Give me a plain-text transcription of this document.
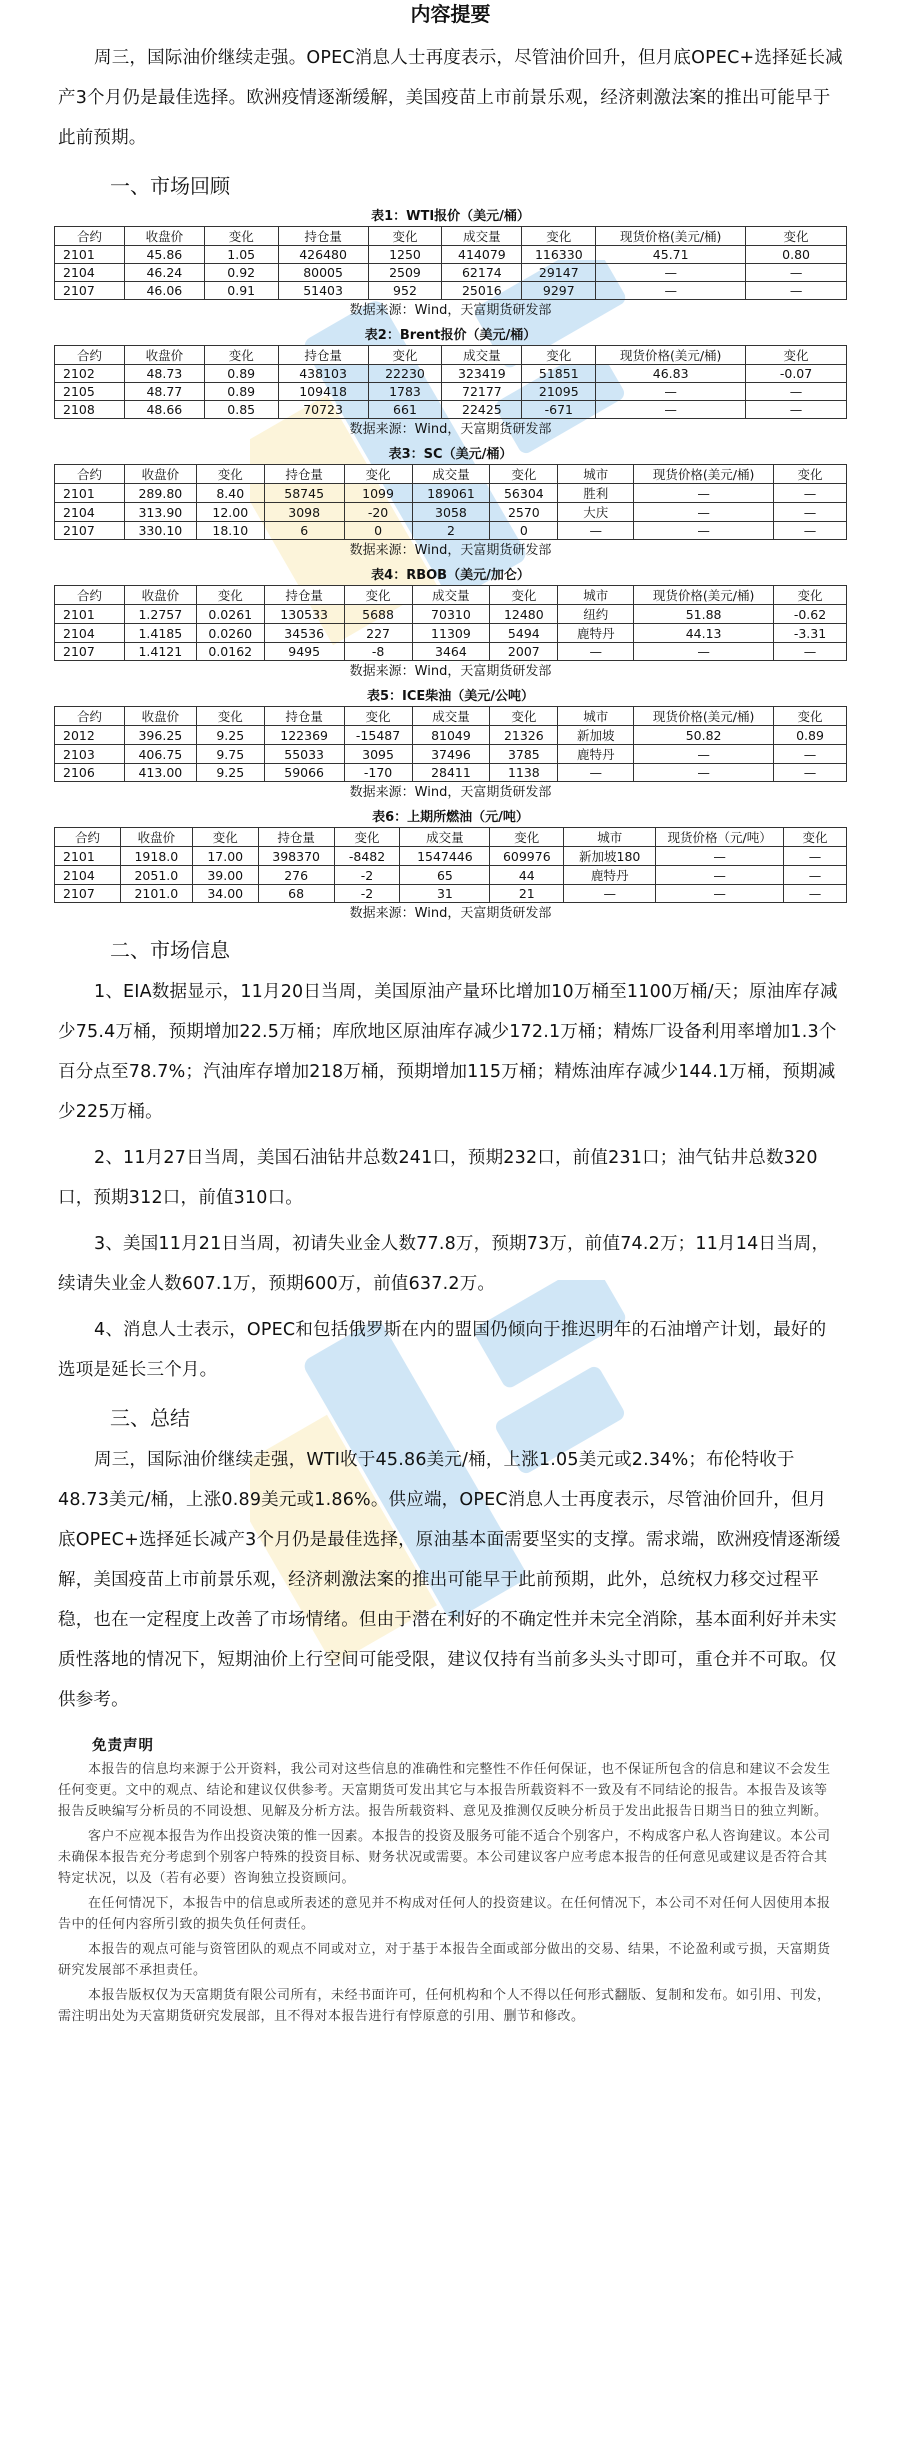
内容提要

周三，国际油价继续走强。OPEC消息人士再度表示，尽管油价回升，但月底OPEC+选择延长减产3个月仍是最佳选择。欧洲疫情逐渐缓解，美国疫苗上市前景乐观，经济刺激法案的推出可能早于此前预期。

一、市场回顾
表1：WTI报价（美元/桶）
合约	收盘价	变化	持仓量	变化	成交量	变化	现货价格(美元/桶)	变化
2101	45.86	1.05	426480	1250	414079	116330	45.71	0.80
2104	46.24	0.92	80005	2509	62174	29147	—	—
2107	46.06	0.91	51403	952	25016	9297	—	—
数据来源：Wind，天富期货研发部
表2：Brent报价（美元/桶）
合约	收盘价	变化	持仓量	变化	成交量	变化	现货价格(美元/桶)	变化
2102	48.73	0.89	438103	22230	323419	51851	46.83	-0.07
2105	48.77	0.89	109418	1783	72177	21095	—	—
2108	48.66	0.85	70723	661	22425	-671	—	—
数据来源：Wind，天富期货研发部
表3：SC（美元/桶）
合约	收盘价	变化	持仓量	变化	成交量	变化	城市	现货价格(美元/桶)	变化
2101	289.80	8.40	58745	1099	189061	56304	胜利	—	—
2104	313.90	12.00	3098	-20	3058	2570	大庆	—	—
2107	330.10	18.10	6	0	2	0	—	—	—
数据来源：Wind，天富期货研发部
表4：RBOB（美元/加仑）
合约	收盘价	变化	持仓量	变化	成交量	变化	城市	现货价格(美元/桶)	变化
2101	1.2757	0.0261	130533	5688	70310	12480	纽约	51.88	-0.62
2104	1.4185	0.0260	34536	227	11309	5494	鹿特丹	44.13	-3.31
2107	1.4121	0.0162	9495	-8	3464	2007	—	—	—
数据来源：Wind，天富期货研发部
表5：ICE柴油（美元/公吨）
合约	收盘价	变化	持仓量	变化	成交量	变化	城市	现货价格(美元/桶)	变化
2012	396.25	9.25	122369	-15487	81049	21326	新加坡	50.82	0.89
2103	406.75	9.75	55033	3095	37496	3785	鹿特丹	—	—
2106	413.00	9.25	59066	-170	28411	1138	—	—	—
数据来源：Wind，天富期货研发部
表6：上期所燃油（元/吨）
合约	收盘价	变化	持仓量	变化	成交量	变化	城市	现货价格（元/吨）	变化
2101	1918.0	17.00	398370	-8482	1547446	609976	新加坡180	—	—
2104	2051.0	39.00	276	-2	65	44	鹿特丹	—	—
2107	2101.0	34.00	68	-2	31	21	—	—	—
数据来源：Wind，天富期货研发部
二、市场信息

1、EIA数据显示，11月20日当周，美国原油产量环比增加10万桶至1100万桶/天；原油库存减少75.4万桶，预期增加22.5万桶；库欣地区原油库存减少172.1万桶；精炼厂设备利用率增加1.3个百分点至78.7%；汽油库存增加218万桶，预期增加115万桶；精炼油库存减少144.1万桶，预期减少225万桶。

2、11月27日当周，美国石油钻井总数241口，预期232口，前值231口；油气钻井总数320口，预期312口，前值310口。

3、美国11月21日当周，初请失业金人数77.8万，预期73万，前值74.2万；11月14日当周，续请失业金人数607.1万，预期600万，前值637.2万。

4、消息人士表示，OPEC和包括俄罗斯在内的盟国仍倾向于推迟明年的石油增产计划，最好的选项是延长三个月。

三、总结

周三，国际油价继续走强，WTI收于45.86美元/桶，上涨1.05美元或2.34%；布伦特收于48.73美元/桶，上涨0.89美元或1.86%。供应端，OPEC消息人士再度表示，尽管油价回升，但月底OPEC+选择延长减产3个月仍是最佳选择，原油基本面需要坚实的支撑。需求端，欧洲疫情逐渐缓解，美国疫苗上市前景乐观，经济刺激法案的推出可能早于此前预期，此外，总统权力移交过程平稳，也在一定程度上改善了市场情绪。但由于潜在利好的不确定性并未完全消除，基本面利好并未实质性落地的情况下，短期油价上行空间可能受限，建议仅持有当前多头头寸即可，重仓并不可取。仅供参考。

免责声明

本报告的信息均来源于公开资料，我公司对这些信息的准确性和完整性不作任何保证，也不保证所包含的信息和建议不会发生任何变更。文中的观点、结论和建议仅供参考。天富期货可发出其它与本报告所载资料不一致及有不同结论的报告。本报告及该等报告反映编写分析员的不同设想、见解及分析方法。报告所载资料、意见及推测仅反映分析员于发出此报告日期当日的独立判断。

客户不应视本报告为作出投资决策的惟一因素。本报告的投资及服务可能不适合个别客户，不构成客户私人咨询建议。本公司未确保本报告充分考虑到个别客户特殊的投资目标、财务状况或需要。本公司建议客户应考虑本报告的任何意见或建议是否符合其特定状况，以及（若有必要）咨询独立投资顾问。

在任何情况下，本报告中的信息或所表述的意见并不构成对任何人的投资建议。在任何情况下，本公司不对任何人因使用本报告中的任何内容所引致的损失负任何责任。

本报告的观点可能与资管团队的观点不同或对立，对于基于本报告全面或部分做出的交易、结果，不论盈利或亏损，天富期货研究发展部不承担责任。

本报告版权仅为天富期货有限公司所有，未经书面许可，任何机构和个人不得以任何形式翻版、复制和发布。如引用、刊发，需注明出处为天富期货研究发展部，且不得对本报告进行有悖原意的引用、删节和修改。
